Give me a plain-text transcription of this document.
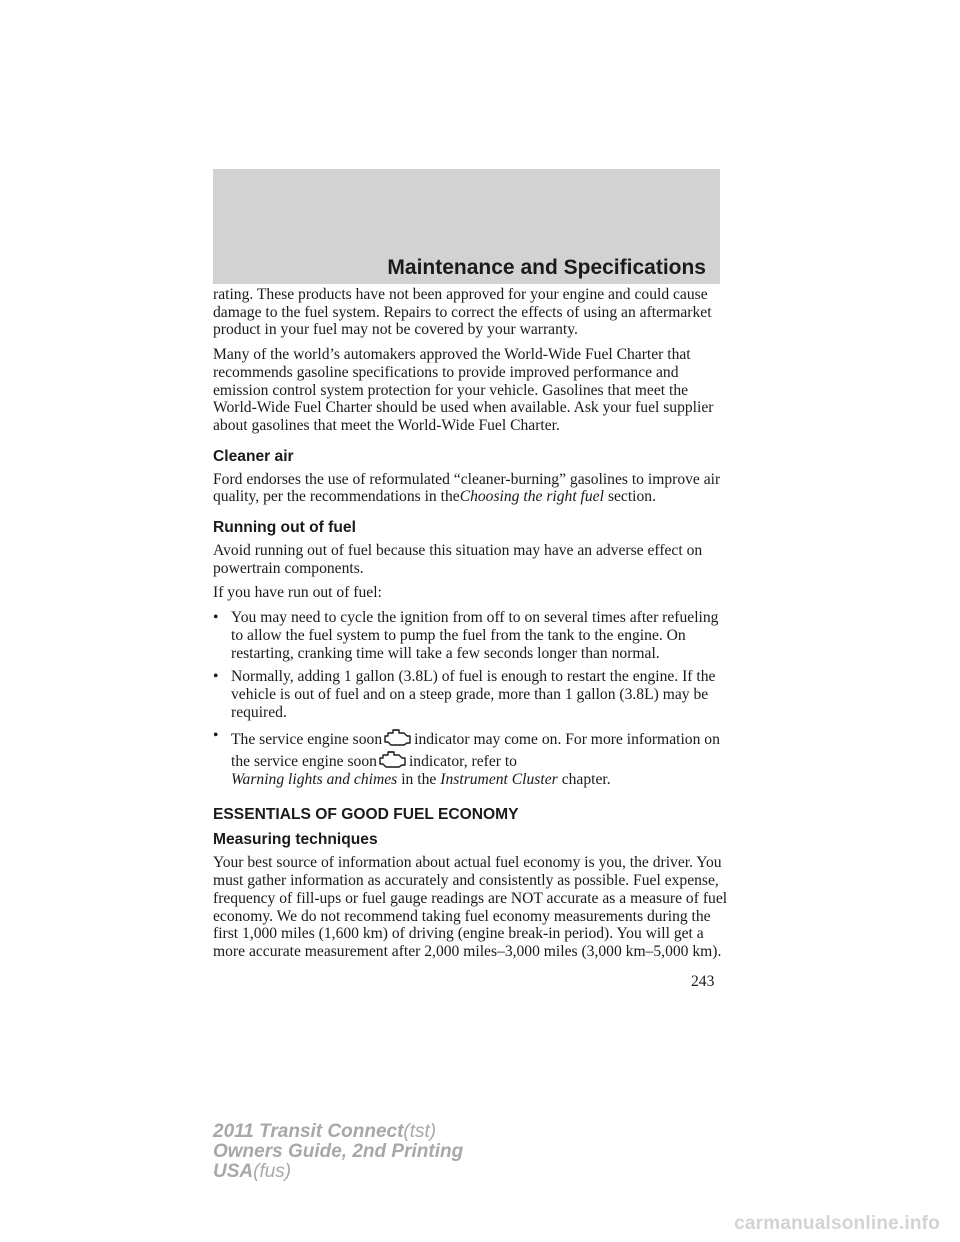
Maintenance and Specifications

rating. These products have not been approved for your engine and could cause damage to the fuel system. Repairs to correct the effects of using an aftermarket product in your fuel may not be covered by your warranty.

Many of the world’s automakers approved the World-Wide Fuel Charter that recommends gasoline specifications to provide improved performance and emission control system protection for your vehicle. Gasolines that meet the World-Wide Fuel Charter should be used when available. Ask your fuel supplier about gasolines that meet the World-Wide Fuel Charter.

Cleaner air

Ford endorses the use of reformulated “cleaner-burning” gasolines to improve air quality, per the recommendations in theChoosing the right fuel section.

Running out of fuel

Avoid running out of fuel because this situation may have an adverse effect on powertrain components.

If you have run out of fuel:

• You may need to cycle the ignition from off to on several times after refueling to allow the fuel system to pump the fuel from the tank to the engine. On restarting, cranking time will take a few seconds longer than normal.
• Normally, adding 1 gallon (3.8L) of fuel is enough to restart the engine. If the vehicle is out of fuel and on a steep grade, more than 1 gallon (3.8L) may be required.
• The service engine soon indicator may come on. For more information on the service engine soon indicator, refer to
Warning lights and chimes in the Instrument Cluster chapter.
ESSENTIALS OF GOOD FUEL ECONOMY
Measuring techniques

Your best source of information about actual fuel economy is you, the driver. You must gather information as accurately and consistently as possible. Fuel expense, frequency of fill-ups or fuel gauge readings are NOT accurate as a measure of fuel economy. We do not recommend taking fuel economy measurements during the first 1,000 miles (1,600 km) of driving (engine break-in period). You will get a more accurate measurement after 2,000 miles–3,000 miles (3,000 km–5,000 km).

243
2011 Transit Connect(tst)
Owners Guide, 2nd Printing
USA(fus)
carmanualsonline.info
